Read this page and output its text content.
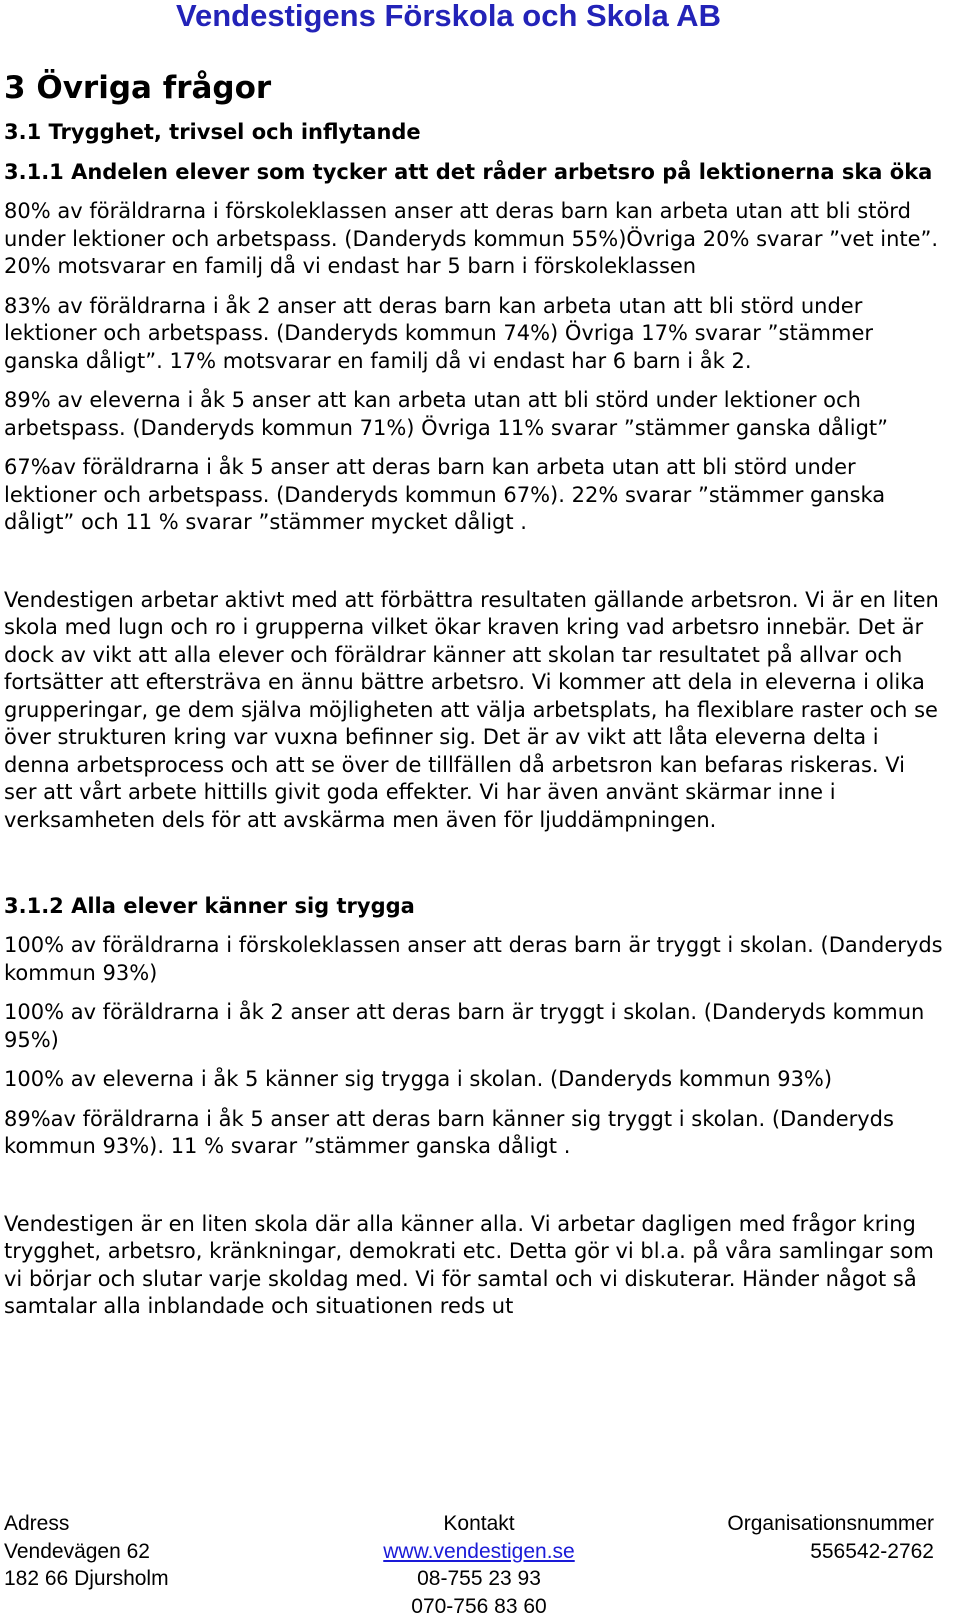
Vendestigens Förskola och Skola AB
3 Övriga frågor
3.1 Trygghet, trivsel och inflytande
3.1.1 Andelen elever som tycker att det råder arbetsro på lektionerna ska öka

80% av föräldrarna i förskoleklassen anser att deras barn kan arbeta utan att bli störd under lektioner och arbetspass. (Danderyds kommun 55%)Övriga 20% svarar ”vet inte”. 20% motsvarar en familj då vi endast har 5 barn i förskoleklassen

83% av föräldrarna i åk 2 anser att deras barn kan arbeta utan att bli störd under lektioner och arbetspass. (Danderyds kommun 74%) Övriga 17% svarar ”stämmer ganska dåligt”. 17% motsvarar en familj då vi endast har 6 barn i åk 2.

89% av eleverna i åk 5 anser att kan arbeta utan att bli störd under lektioner och arbetspass. (Danderyds kommun 71%) Övriga 11% svarar ”stämmer ganska dåligt”

67%av föräldrarna i åk 5 anser att deras barn kan arbeta utan att bli störd under lektioner och arbetspass. (Danderyds kommun 67%). 22% svarar ”stämmer ganska dåligt” och 11 % svarar ”stämmer mycket dåligt .

Vendestigen arbetar aktivt med att förbättra resultaten gällande arbetsron. Vi är en liten skola med lugn och ro i grupperna vilket ökar kraven kring vad arbetsro innebär. Det är dock av vikt att alla elever och föräldrar känner att skolan tar resultatet på allvar och fortsätter att eftersträva en ännu bättre arbetsro. Vi kommer att dela in eleverna i olika grupperingar, ge dem själva möjligheten att välja arbetsplats, ha flexiblare raster och se över strukturen kring var vuxna befinner sig. Det är av vikt att låta eleverna delta i denna arbetsprocess och att se över de tillfällen då arbetsron kan befaras riskeras. Vi ser att vårt arbete hittills givit goda effekter. Vi har även använt skärmar inne i verksamheten dels för att avskärma men även för ljuddämpningen.

3.1.2 Alla elever känner sig trygga

100% av föräldrarna i förskoleklassen anser att deras barn är tryggt i skolan. (Danderyds kommun 93%)

100% av föräldrarna i åk 2 anser att deras barn är tryggt i skolan. (Danderyds kommun 95%)

100% av eleverna i åk 5 känner sig trygga i skolan. (Danderyds kommun 93%)

89%av föräldrarna i åk 5 anser att deras barn känner sig tryggt i skolan. (Danderyds kommun 93%). 11 % svarar ”stämmer ganska dåligt .

Vendestigen är en liten skola där alla känner alla. Vi arbetar dagligen med frågor kring trygghet, arbetsro, kränkningar, demokrati etc. Detta gör vi bl.a. på våra samlingar som vi börjar och slutar varje skoldag med. Vi för samtal och vi diskuterar. Händer något så samtalar alla inblandade och situationen reds ut

Adress
Vendevägen 62
182 66 Djursholm
Kontakt
www.vendestigen.se
08-755 23 93
070-756 83 60
Organisationsnummer
556542-2762
